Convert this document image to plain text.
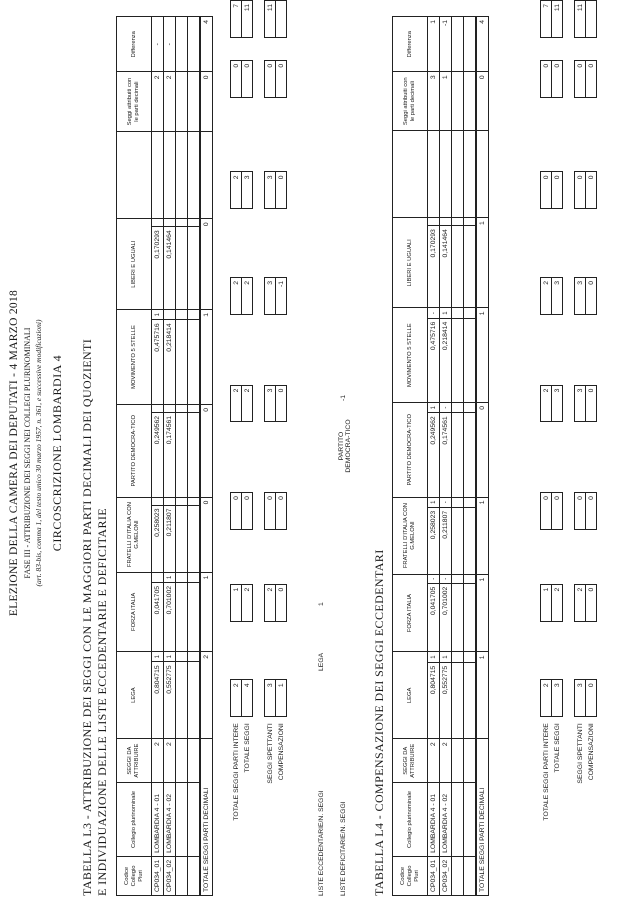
ELEZIONE DELLA CAMERA DEI DEPUTATI - 4 MARZO 2018 FASE III - ATTRIBUZIONE DEI SEGGI NEI COLLEGI PLURINOMINALI (art. 83-bis, comma 1, del testo unico 30 marzo 1957, n. 361, e successive modificazioni) CIRCOSCRIZIONE LOMBARDIA 4 TABELLA L3 - ATTRIBUZIONE DEI SEGGI CON LE MAGGIORI PARTI DECIMALI DEI QUOZIENTI E INDIVIDUAZIONE DELLE LISTE ECCEDENTARIE E DEFICITARIE	Codice Collegio Pluri	Collegio plurinominale	SEGGI DA ATTRIBUIRE	LEGA		FORZA ITALIA		FRATELLI D'ITALIA CON G.MELONI		PARTITO DEMOCRA-TICO		MOVIMENTO 5 STELLE		LIBERI E UGUALI			Seggi attribuiti con le parti decimali	Differenza
CP034_01	LOMBARDIA 4 - 01	2	0,804715	1	0,041705		0,258023		0,249562		0,475716	1	0,170293			2	-
CP034_02	LOMBARDIA 4 - 02	2	0,552775	1	0,701002	1	0,211807		0,174561		0,218414		0,141464			2	-

TOTALE SEGGI PARTI DECIMALI			2		1		0		0		1		0			0	4
TOTALE SEGGI PARTI INTERE	2		1		0		2		2		2		0		7
TOTALE SEGGI	4		2		0		2		2		3		0		11

SEGGI SPETTANTI	3		2		0		3		3		3		0		11
COMPENSAZIONI	1		0		0		0		-1		0		0		
LISTE ECCEDENTARIE/N. SEGGI
LEGA
1
LISTE DEFICITARIE/N. SEGGI
PARTITO DEMOCRA-TICO
-1
TABELLA L4 - COMPENSAZIONE DEI SEGGI ECCEDENTARI Codice Collegio Pluri	Collegio plurinominale	SEGGI DA ATTRIBUIRE	LEGA		FORZA ITALIA		FRATELLI D'ITALIA CON G.MELONI		PARTITO DEMOCRA-TICO		MOVIMENTO 5 STELLE		LIBERI E UGUALI			Seggi attribuiti con le parti decimali	Differenza
CP034_01	LOMBARDIA 4 - 01	2	0,804715	1	0,041705	-	0,258023	1	0,249562	1	0,475716	-	0,170293			3	1
CP034_02	LOMBARDIA 4 - 02	2	0,552775	1	0,701002	-	0,211807	-	0,174561	-	0,218414	1	0,141464			1	-1

TOTALE SEGGI PARTI DECIMALI			1		1		1		0		1		1			0	4
TOTALE SEGGI PARTI INTERE	2		1		0		2		2		0		0		7
TOTALE SEGGI	3		2		0		3		3		0		0		11

SEGGI SPETTANTI	3		2		0		3		3		0		0		11
COMPENSAZIONI	0		0		0		0		0		0		0		
